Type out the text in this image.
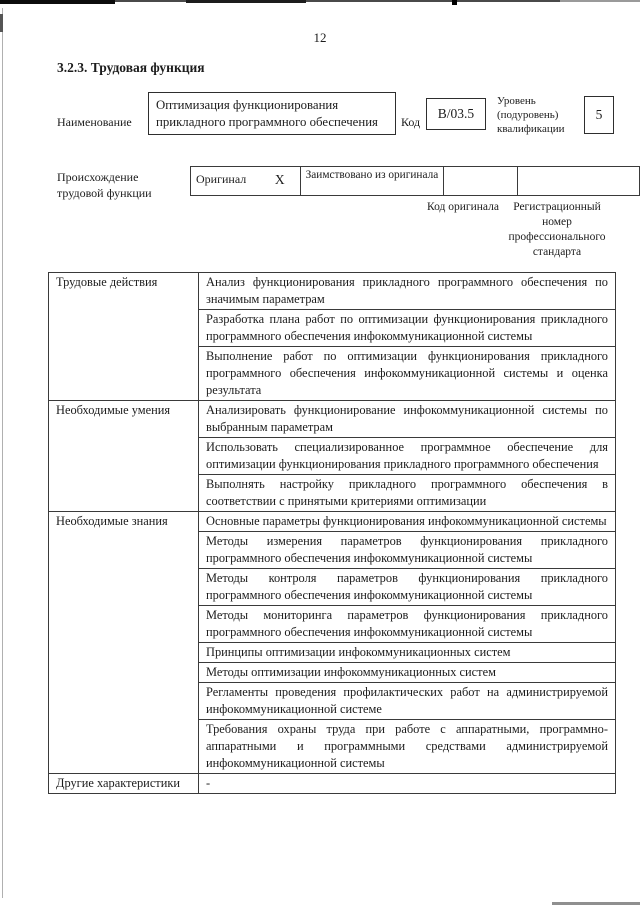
12

3.2.3. Трудовая функция
Наименование
Оптимизация функционирования прикладного программного обеспечения	Код
В/03.5
Уровень (подуровень) квалификации
5
Происхождение трудовой функции
Оригинал X	Заимствовано из оригинала		
Код оригинала	Регистрационный номер профессионального стандарта
Трудовые действия	Анализ функционирования прикладного программного обеспечения по значимым параметрам
	Разработка плана работ по оптимизации функционирования прикладного программного обеспечения инфокоммуникационной системы
	Выполнение работ по оптимизации функционирования прикладного программного обеспечения инфокоммуникационной системы и оценка результата
Необходимые умения	Анализировать функционирование инфокоммуникационной системы по выбранным параметрам
	Использовать специализированное программное обеспечение для оптимизации функционирования прикладного программного обеспечения
	Выполнять настройку прикладного программного обеспечения в соответствии с принятыми критериями оптимизации
Необходимые знания	Основные параметры функционирования инфокоммуникационной системы
	Методы измерения параметров функционирования прикладного программного обеспечения инфокоммуникационной системы
	Методы контроля параметров функционирования прикладного программного обеспечения инфокоммуникационной системы
	Методы мониторинга параметров функционирования прикладного программного обеспечения инфокоммуникационной системы
	Принципы оптимизации инфокоммуникационных систем
	Методы оптимизации инфокоммуникационных систем
	Регламенты проведения профилактических работ на администрируемой инфокоммуникационной системе
	Требования охраны труда при работе с аппаратными, программно-аппаратными и программными средствами администрируемой инфокоммуникационной системы
Другие характеристики	-
